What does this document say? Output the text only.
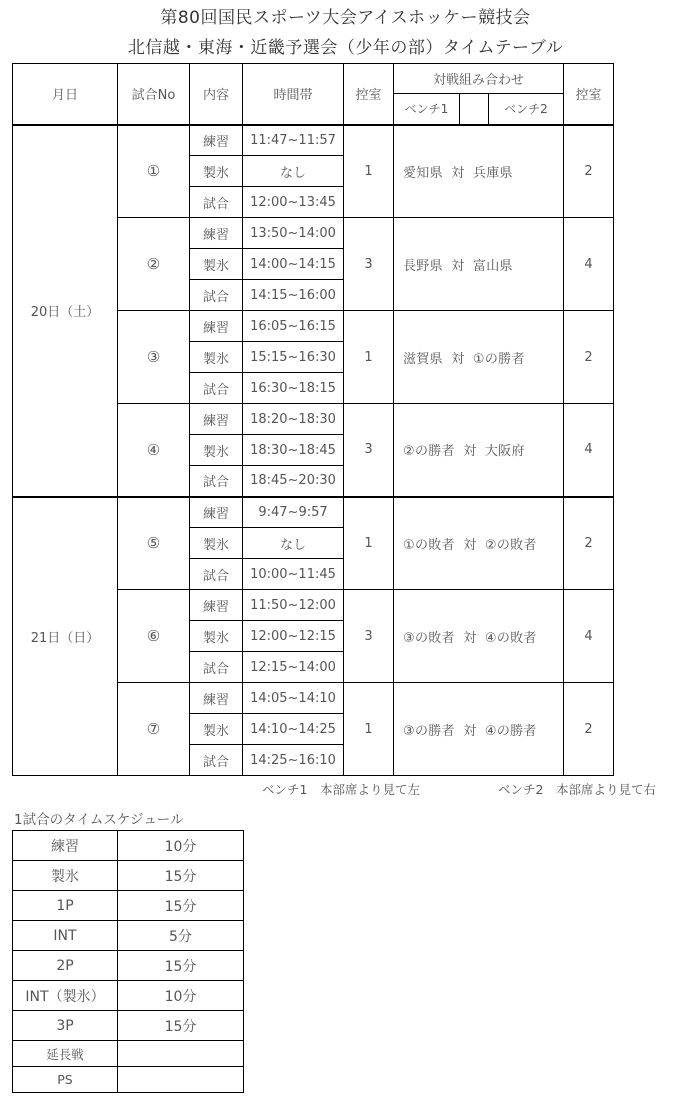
第80回国民スポーツ大会アイスホッケー競技会
北信越・東海・近畿予選会（少年の部）タイムテーブル
月日	試合No	内容	時間帯	控室	対戦組み合わせ			控室
					ベンチ1		ベンチ2	
20日（土）	①	練習	11:47~11:57	1	愛知県 対 兵庫県			2
		製氷	なし					
		試合	12:00~13:45					
	②	練習	13:50~14:00	3	長野県 対 富山県			4
		製氷	14:00~14:15					
		試合	14:15~16:00					
	③	練習	16:05~16:15	1	滋賀県 対 ①の勝者			2
		製氷	15:15~16:30					
		試合	16:30~18:15					
	④	練習	18:20~18:30	3	②の勝者 対 大阪府			4
		製氷	18:30~18:45					
		試合	18:45~20:30					
21日（日）	⑤	練習	9:47~9:57	1	①の敗者 対 ②の敗者			2
		製氷	なし					
		試合	10:00~11:45					
	⑥	練習	11:50~12:00	3	③の敗者 対 ④の敗者			4
		製氷	12:00~12:15					
		試合	12:15~14:00					
	⑦	練習	14:05~14:10	1	③の勝者 対 ④の勝者			2
		製氷	14:10~14:25					
		試合	14:25~16:10					
ベンチ1　本部席より見て左	ベンチ2　本部席より見て右
1試合のタイムスケジュール
練習	10分
製氷	15分
1P	15分
INT	5分
2P	15分
INT（製氷）	10分
3P	15分
延長戦	
PS	
